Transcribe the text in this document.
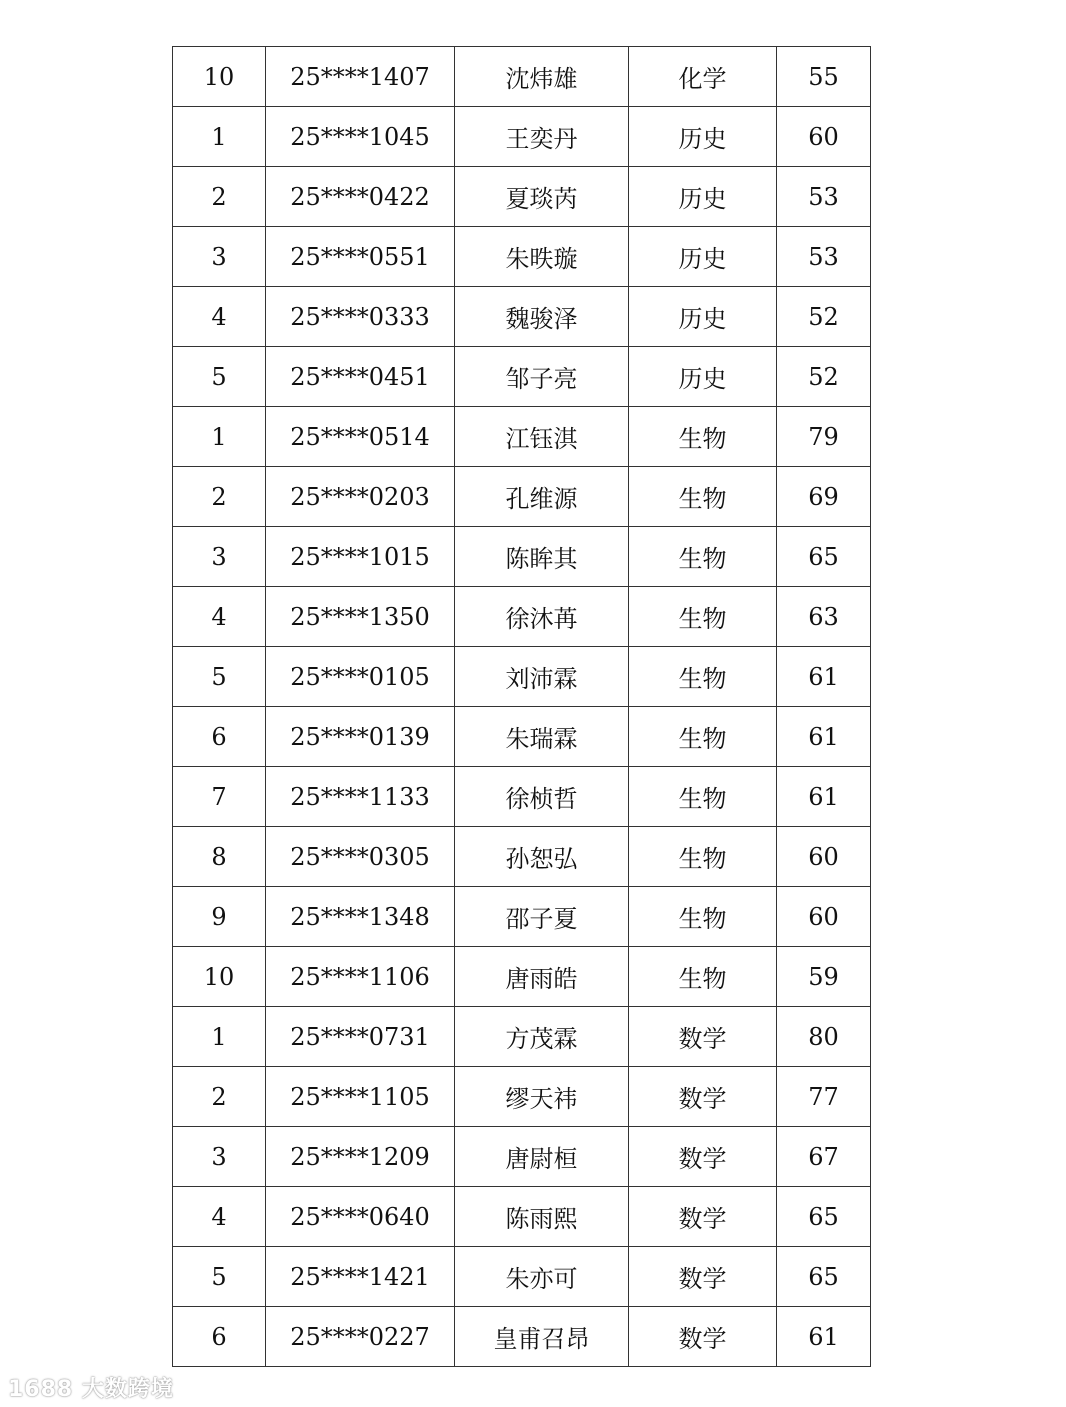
10	25****1407	沈炜雄	化学	55
1	25****1045	王奕丹	历史	60
2	25****0422	夏琰芮	历史	53
3	25****0551	朱昳璇	历史	53
4	25****0333	魏骏泽	历史	52
5	25****0451	邹子亮	历史	52
1	25****0514	江钰淇	生物	79
2	25****0203	孔维源	生物	69
3	25****1015	陈眸其	生物	65
4	25****1350	徐沐苒	生物	63
5	25****0105	刘沛霖	生物	61
6	25****0139	朱瑞霖	生物	61
7	25****1133	徐桢哲	生物	61
8	25****0305	孙恕弘	生物	60
9	25****1348	邵子夏	生物	60
10	25****1106	唐雨皓	生物	59
1	25****0731	方茂霖	数学	80
2	25****1105	缪天祎	数学	77
3	25****1209	唐尉桓	数学	67
4	25****0640	陈雨熙	数学	65
5	25****1421	朱亦可	数学	65
6	25****0227	皇甫召昂	数学	61
1688 大数跨境
